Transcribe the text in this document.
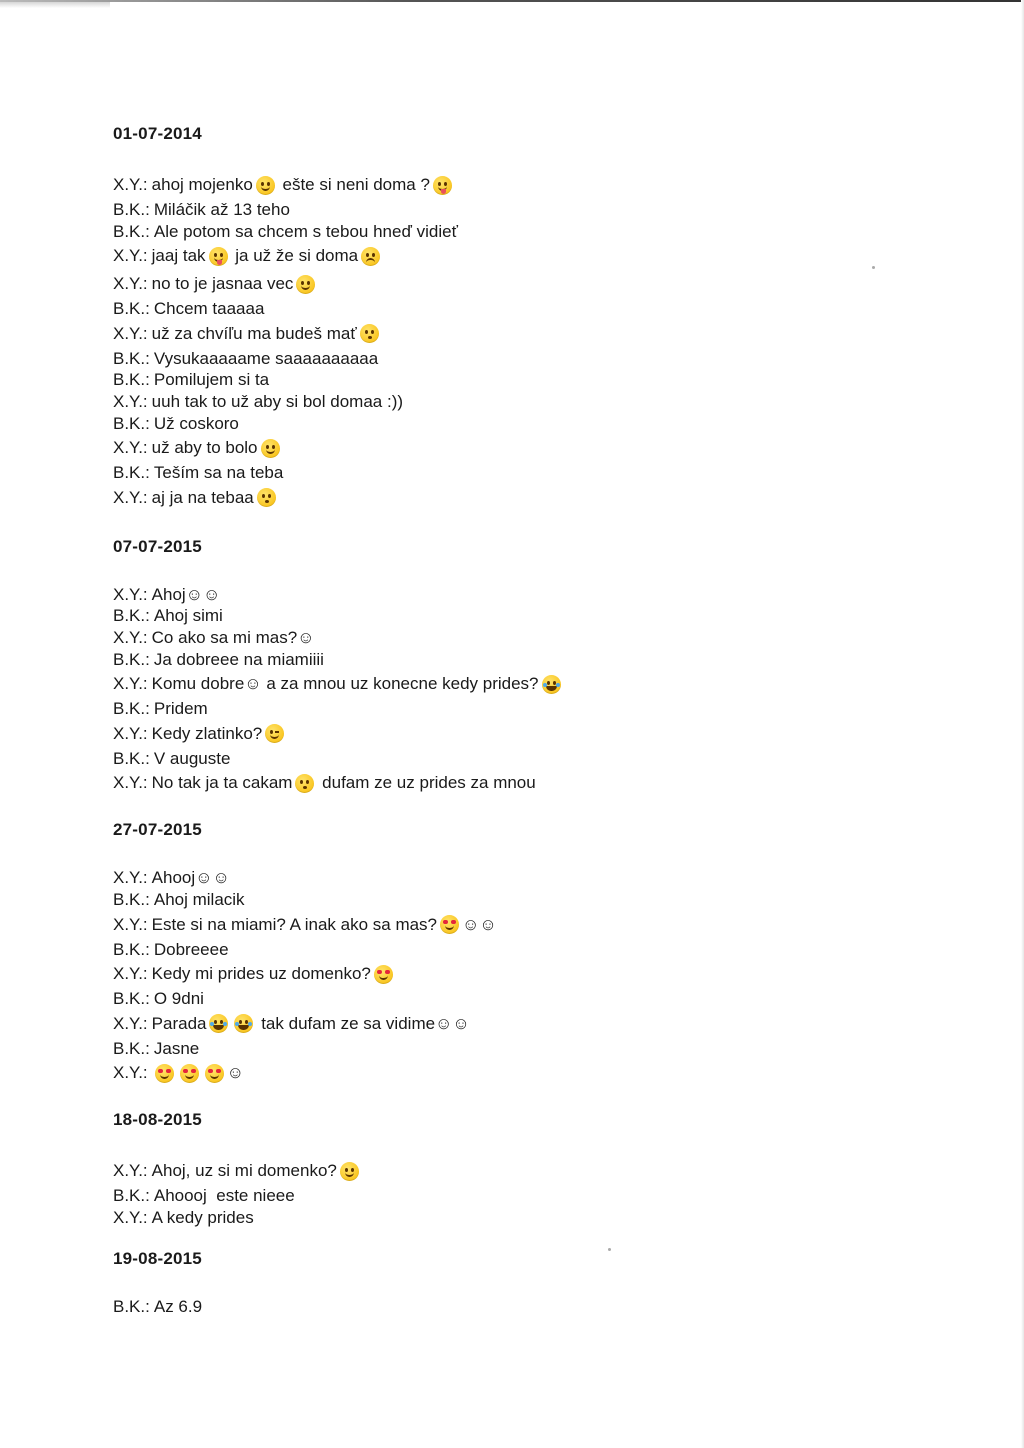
01-07-2014
X.Y.: ahoj mojenko ešte si neni doma ?
B.K.: Miláčik až 13 teho
B.K.: Ale potom sa chcem s tebou hneď vidieť
X.Y.: jaaj tak ja už že si doma
X.Y.: no to je jasnaa vec
B.K.: Chcem taaaaa
X.Y.: už za chvíľu ma budeš mať
B.K.: Vysukaaaaame saaaaaaaaaa
B.K.: Pomilujem si ta
X.Y.: uuh tak to už aby si bol domaa :))
B.K.: Už coskoro
X.Y.: už aby to bolo
B.K.: Teším sa na teba
X.Y.: aj ja na tebaa
07-07-2015
X.Y.: Ahoj☺☺
B.K.: Ahoj simi
X.Y.: Co ako sa mi mas?☺
B.K.: Ja dobreee na miamiiii
X.Y.: Komu dobre☺ a za mnou uz konecne kedy prides?
B.K.: Pridem
X.Y.: Kedy zlatinko?
B.K.: V auguste
X.Y.: No tak ja ta cakam dufam ze uz prides za mnou
27-07-2015
X.Y.: Ahooj☺☺
B.K.: Ahoj milacik
X.Y.: Este si na miami? A inak ako sa mas? ☺☺
B.K.: Dobreeee
X.Y.: Kedy mi prides uz domenko?
B.K.: O 9dni
X.Y.: Parada	tak dufam ze sa vidime☺☺
B.K.: Jasne
X.Y.:	☺
18-08-2015
X.Y.: Ahoj, uz si mi domenko?
B.K.: Ahoooj  este nieee
X.Y.: A kedy prides
19-08-2015
B.K.: Az 6.9
